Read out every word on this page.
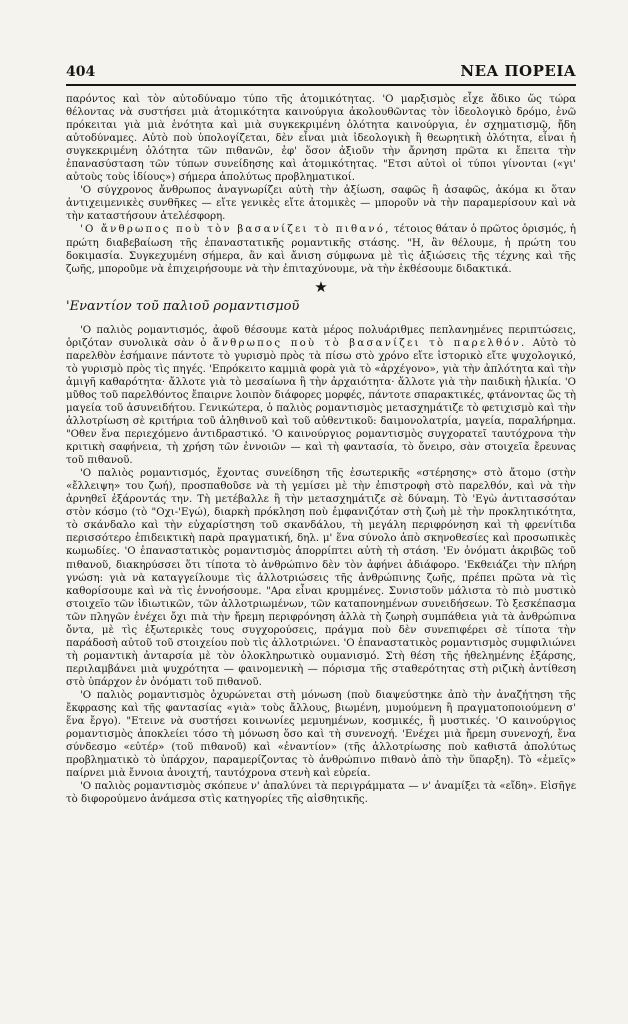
404	ΝΕΑ ΠΟΡΕΙΑ

παρόντος καὶ τὸν αὐτοδύναμο τύπο τῆς ἀτομικότητας. 'Ο μαρξισμὸς εἶχε ἄδικο ὥς τώρα θέλοντας νὰ συστήσει μιὰ ἀτομικότητα καινούργια ἀκολουθῶντας τὸν ἰδεολογικὸ δρόμο, ἐνῶ πρόκειται γιὰ μιὰ ἑνότητα καὶ μιὰ συγκεκριμένη ὁλότητα καινούργια, ἐν σχηματισμῷ, ἤδη αὐτοδύναμες. Αὐτὸ ποὺ ὑπολογίζεται, δὲν εἶναι μιὰ ἰδεολογικὴ ἢ θεωρητικὴ ὁλότητα, εἶναι ἡ συγκεκριμένη ὁλότητα τῶν πιθανῶν, ἐφ' ὅσον ἀξιοῦν τὴν ἄρνηση πρῶτα κι ἔπειτα τὴν ἐπανασύσταση τῶν τύπων συνείδησης καὶ ἀτομικότητας. "Ετσι αὐτοὶ οἱ τύποι γίνονται («γι' αὐτοὺς τοὺς ἰδίους») σήμερα ἀπολύτως προβληματικοί.

'Ο σύγχρονος ἄνθρωπος ἀναγνωρίζει αὐτὴ τὴν ἀξίωση, σαφῶς ἢ ἀσαφῶς, ἀκόμα κι ὅταν ἀντιχειμενικὲς συνθῆκες — εἴτε γενικὲς εἴτε ἀτομικὲς — μποροῦν νὰ τὴν παραμερίσουν καὶ νὰ τὴν καταστήσουν ἀτελέσφορη.

'Ο ἄνθρωπος ποὺ τὸν βασανίζει τὸ πιθανό, τέτοιος θάταν ὁ πρῶτος ὁρισμός, ἡ πρώτη διαβεβαίωση τῆς ἐπαναστατικῆς ρομαντικῆς στάσης. "Η, ἂν θέλουμε, ἡ πρώτη του δοκιμασία. Συγκεχυμένη σήμερα, ἂν καὶ ἄνιση σύμφωνα μὲ τὶς ἀξιώσεις τῆς τέχνης καὶ τῆς ζωῆς, μποροῦμε νὰ ἐπιχειρήσουμε νὰ τὴν ἐπιταχύνουμε, νὰ τὴν ἐκθέσουμε διδακτικά.

★
'Εναντίον τοῦ παλιοῦ ρομαντισμοῦ

'Ο παλιὸς ρομαντισμός, ἀφοῦ θέσουμε κατὰ μέρος πολυάριθμες πεπλανημένες περιπτώσεις, ὁριζόταν συνολικὰ σὰν ὁ ἄνθρωπος ποὺ τὸ βασανίζει τὸ παρελθόν. Αὐτὸ τὸ παρελθὸν ἐσήμαινε πάντοτε τὸ γυρισμὸ πρὸς τὰ πίσω στὸ χρόνο εἴτε ἱστορικὸ εἴτε ψυχολογικό, τὸ γυρισμὸ πρὸς τὶς πηγές. 'Επρόκειτο καμμιὰ φορὰ γιὰ τὸ «ἀρχέγονο», γιὰ τὴν ἀπλότητα καὶ τὴν ἀμιγῆ καθαρότητα· ἄλλοτε γιὰ τὸ μεσαίωνα ἢ τὴν ἀρχαιότητα· ἄλλοτε γιὰ τὴν παιδικὴ ἡλικία. 'Ο μῦθος τοῦ παρελθόντος ἔπαιρνε λοιπὸν διάφορες μορφές, πάντοτε σπαρακτικές, φτάνοντας ὥς τὴ μαγεία τοῦ ἀσυνειδήτου. Γενικώτερα, ὁ παλιὸς ρομαντισμὸς μετασχημάτιζε τὸ φετιχισμὸ καὶ τὴν ἀλλοτρίωση σὲ κριτήρια τοῦ ἀληθινοῦ καὶ τοῦ αὐθεντικοῦ: δαιμονολατρία, μαγεία, παραλήρημα. "Οθεν ἕνα περιεχόμενο ἀντιδραστικό. 'Ο καινούργιος ρομαντισμὸς συγχορατεῖ ταυτόχρονα τὴν κριτικὴ σαφήνεια, τὴ χρήση τῶν ἐννοιῶν — καὶ τὴ φαντασία, τὸ ὄνειρο, σὰν στοιχεῖα ἔρευνας τοῦ πιθανοῦ.

'Ο παλιὸς ρομαντισμός, ἔχοντας συνείδηση τῆς ἐσωτερικῆς «στέρησης» στὸ ἄτομο (στὴν «ἔλλειψη» του ζωή), προσπαθοῦσε νὰ τὴ γεμίσει μὲ τὴν ἐπιστροφὴ στὸ παρελθόν, καὶ νὰ τὴν ἀρνηθεῖ ἐξάροντάς την. Τὴ μετέβαλλε ἢ τὴν μετασχημάτιζε σὲ δύναμη. Τὸ 'Εγὼ ἀντιτασσόταν στὸν κόσμο (τὸ "Οχι-'Εγώ), διαρκὴ πρόκληση ποὺ ἐμφανιζόταν στὴ ζωὴ μὲ τὴν προκλητικότητα, τὸ σκάνδαλο καὶ τὴν εὐχαρίστηση τοῦ σκανδάλου, τὴ μεγάλη περιφρόνηση καὶ τὴ φρενίτιδα περισσότερο ἐπιδεικτικὴ παρὰ πραγματική, δηλ. μ' ἕνα σύνολο ἀπὸ σκηνοθεσίες καὶ προσωπικὲς κωμωδίες. 'Ο ἐπαναστατικὸς ρομαντισμὸς ἀπορρίπτει αὐτὴ τὴ στάση. 'Εν ὀνόματι ἀκριβῶς τοῦ πιθανοῦ, διακηρύσσει ὅτι τίποτα τὸ ἀνθρώπινο δὲν τὸν ἀφήνει ἀδιάφορο. 'Εκθειάζει τὴν πλήρη γνώση: γιὰ νὰ καταγγείλουμε τὶς ἀλλοτριώσεις τῆς ἀνθρώπινης ζωῆς, πρέπει πρῶτα νὰ τὶς καθορίσουμε καὶ νὰ τὶς ἐννοήσουμε. "Αρα εἶναι κρυμμένες. Συνιστοῦν μάλιστα τὸ πιὸ μυστικὸ στοιχεῖο τῶν ἰδιωτικῶν, τῶν ἀλλοτριωμένων, τῶν καταπονημένων συνειδήσεων. Τὸ ξεσκέπασμα τῶν πληγῶν ἐνέχει ὄχι πιὰ τὴν ἤρεμη περιφρόνηση ἀλλὰ τὴ ζωηρὴ συμπάθεια γιὰ τὰ ἀνθρώπινα ὄντα, μὲ τὶς ἐξωτερικὲς τους συγχορούσεις, πράγμα ποὺ δὲν συνεπιφέρει σὲ τίποτα τὴν παράδοσὴ αὐτοῦ τοῦ στοιχείου ποὺ τὶς ἀλλοτριώνει. 'Ο ἐπαναστατικὸς ρομαντισμὸς συμφιλιώνει τὴ ρομαντικὴ ἀνταρσία μὲ τὸν ὁλοκληρωτικὸ ουμανισμό. Στὴ θέση τῆς ἠθελημένης ἐξάρσης, περιλαμβάνει μιὰ ψυχρότητα — φαινομενικὴ — πόρισμα τῆς σταθερότητας στὴ ριζικὴ ἀντίθεση στὸ ὑπάρχον ἐν ὀνόματι τοῦ πιθανοῦ.

'Ο παλιὸς ρομαντισμὸς ὀχυρώνεται στὴ μόνωση (ποὺ διαψεύστηκε ἀπὸ τὴν ἀναζήτηση τῆς ἔκφρασης καὶ τῆς φαντασίας «γιὰ» τοὺς ἄλλους, βιωμένη, μυμούμενη ἢ πραγματοποιούμενη σ' ἕνα ἔργο). "Ετεινε νὰ συστήσει κοινωνίες μεμυημένων, κοσμικές, ἢ μυστικές. 'Ο καινούργιος ρομαντισμὸς ἀποκλείει τόσο τὴ μόνωση ὅσο καὶ τὴ συνενοχή. 'Ενέχει μιὰ ἤρεμη συνενοχή, ἕνα σύνδεσμο «εὐτέρ» (τοῦ πιθανοῦ) καὶ «ἐναντίον» (τῆς ἀλλοτρίωσης ποὺ καθιστᾶ ἀπολύτως προβληματικὸ τὸ ὑπάρχον, παραμερίζοντας τὸ ἀνθρώπινο πιθανὸ ἀπὸ τὴν ὕπαρξη). Τὸ «ἐμεῖς» παίρνει μιὰ ἔννοια ἀνοιχτή, ταυτόχρονα στενὴ καὶ εὐρεία.

'Ο παλιὸς ρομαντισμὸς σκόπευε ν' ἀπαλύνει τὰ περιγράμματα — ν' ἀναμίξει τὰ «εἴδη». Εἰσῆγε τὸ διφορούμενο ἀνάμεσα στὶς κατηγορίες τῆς αἰσθητικῆς.
